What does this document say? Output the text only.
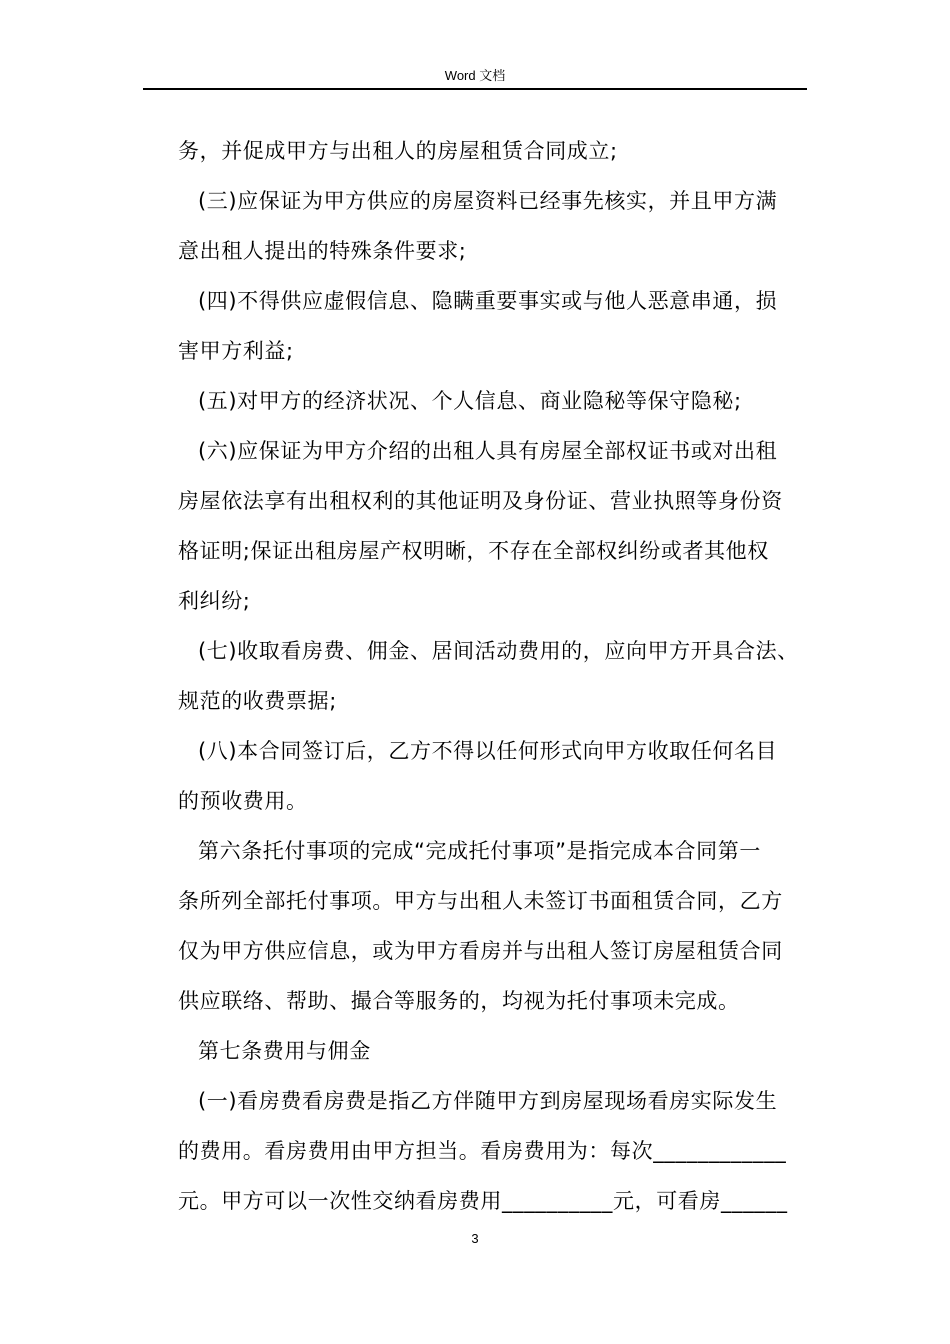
Word 文档
务，并促成甲方与出租人的房屋租赁合同成立;
(三)应保证为甲方供应的房屋资料已经事先核实，并且甲方满
意出租人提出的特殊条件要求;
(四)不得供应虚假信息、隐瞒重要事实或与他人恶意串通，损
害甲方利益;
(五)对甲方的经济状况、个人信息、商业隐秘等保守隐秘;
(六)应保证为甲方介绍的出租人具有房屋全部权证书或对出租
房屋依法享有出租权利的其他证明及身份证、营业执照等身份资
格证明;保证出租房屋产权明晰，不存在全部权纠纷或者其他权
利纠纷;
(七)收取看房费、佣金、居间活动费用的，应向甲方开具合法、
规范的收费票据;
(八)本合同签订后，乙方不得以任何形式向甲方收取任何名目
的预收费用。
第六条托付事项的完成“完成托付事项”是指完成本合同第一
条所列全部托付事项。甲方与出租人未签订书面租赁合同，乙方
仅为甲方供应信息，或为甲方看房并与出租人签订房屋租赁合同
供应联络、帮助、撮合等服务的，均视为托付事项未完成。
第七条费用与佣金
(一)看房费看房费是指乙方伴随甲方到房屋现场看房实际发生
的费用。看房费用由甲方担当。看房费用为：每次____________
元。甲方可以一次性交纳看房费用__________元，可看房______
3
